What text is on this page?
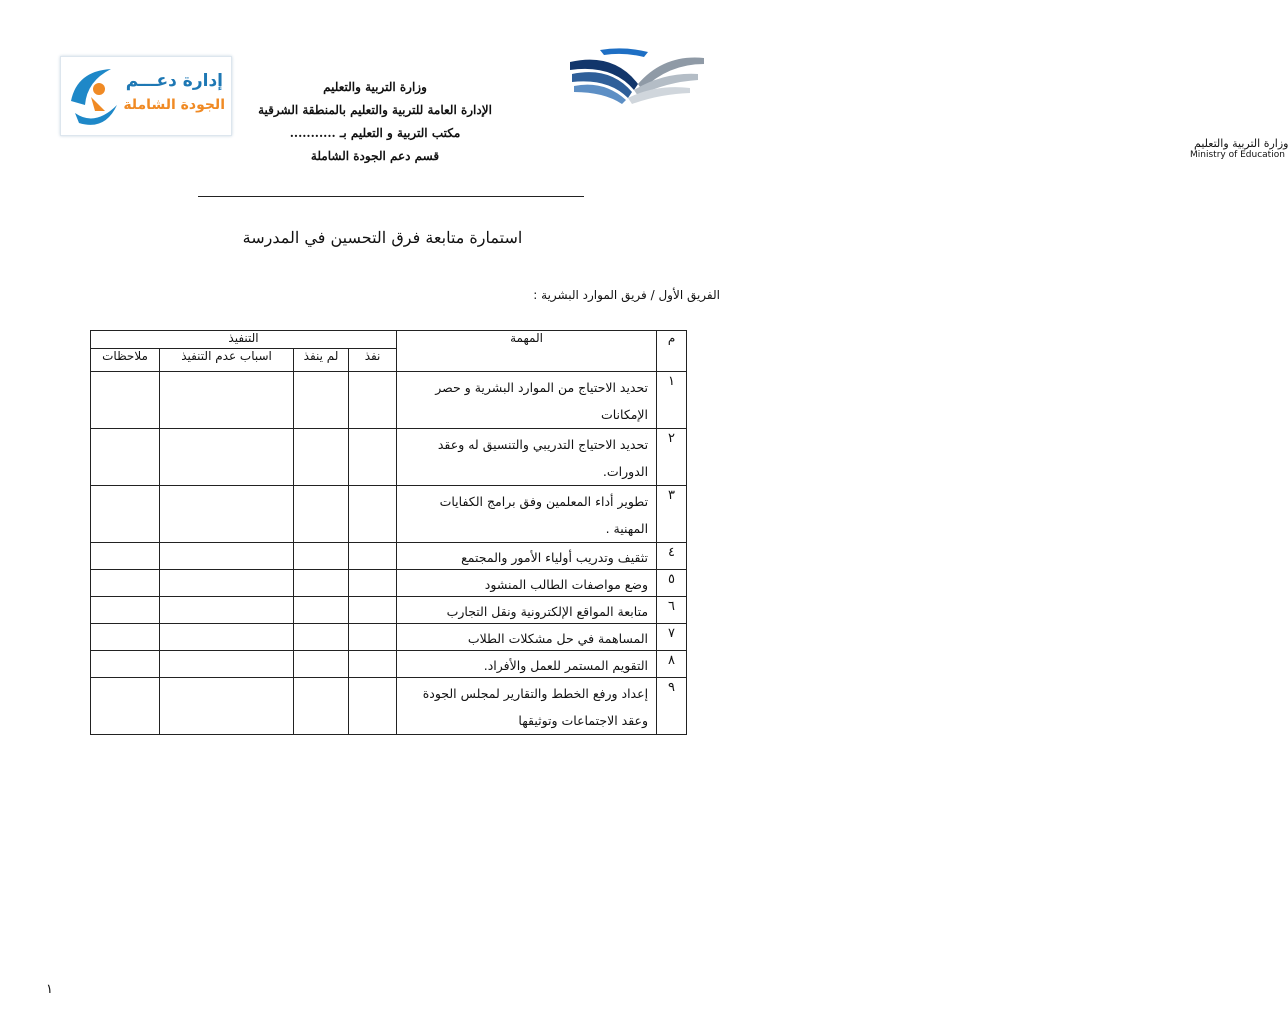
وزارة التربية والتعليم
Ministry of Education
إدارة دعـــم
الجودة الشاملة
وزارة التربية والتعليم
الإدارة العامة للتربية والتعليم بالمنطقة الشرقية
مكتب التربية و التعليم بـ ...........
قسم دعم الجودة الشاملة
استمارة متابعة فرق التحسين في المدرسة
الفريق الأول / فريق الموارد البشرية :
م	المهمة	التنفيذ			
		نفذ	لم ينفذ	اسباب عدم التنفيذ	ملاحظات
١	تحديد الاحتياج من الموارد البشرية و حصر الإمكانات				
٢	تحديد الاحتياج التدريبي والتنسيق له وعقد الدورات.				
٣	تطوير أداء المعلمين وفق برامج الكفايات المهنية .				
٤	تثقيف وتدريب أولياء الأمور والمجتمع				
٥	وضع مواصفات الطالب المنشود				
٦	متابعة المواقع الإلكترونية ونقل التجارب				
٧	المساهمة في حل مشكلات الطلاب				
٨	التقويم المستمر للعمل والأفراد.				
٩	إعداد ورفع الخطط والتقارير لمجلس الجودة وعقد الاجتماعات وتوثيقها				
١
